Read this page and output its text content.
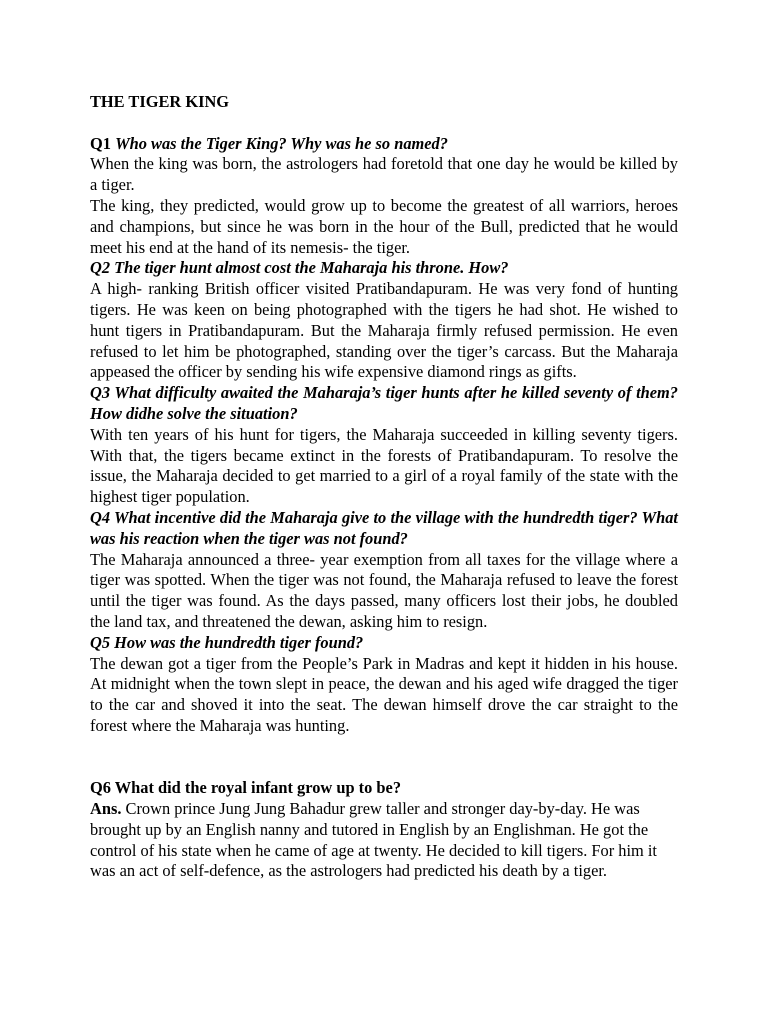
THE TIGER KING
Q1 Who was the Tiger King? Why was he so named?

When the king was born, the astrologers had foretold that one day he would be killed by a tiger.

The king, they predicted, would grow up to become the greatest of all warriors, heroes and champions, but since he was born in the hour of the Bull, predicted that he would meet his end at the hand of its nemesis- the tiger.

Q2 The tiger hunt almost cost the Maharaja his throne. How?

A high- ranking British officer visited Pratibandapuram. He was very fond of hunting tigers. He was keen on being photographed with the tigers he had shot. He wished to hunt tigers in Pratibandapuram. But the Maharaja firmly refused permission. He even refused to let him be photographed, standing over the tiger’s carcass. But the Maharaja appeased the officer by sending his wife expensive diamond rings as gifts.

Q3 What difficulty awaited the Maharaja’s tiger hunts after he killed seventy of them? How didhe solve the situation?

With ten years of his hunt for tigers, the Maharaja succeeded in killing seventy tigers. With that, the tigers became extinct in the forests of Pratibandapuram. To resolve the issue, the Maharaja decided to get married to a girl of a royal family of the state with the highest tiger population.

Q4 What incentive did the Maharaja give to the village with the hundredth tiger? What was his reaction when the tiger was not found?

The Maharaja announced a three- year exemption from all taxes for the village where a tiger was spotted. When the tiger was not found, the Maharaja refused to leave the forest until the tiger was found. As the days passed, many officers lost their jobs, he doubled the land tax, and threatened the dewan, asking him to resign.

Q5 How was the hundredth tiger found?

The dewan got a tiger from the People’s Park in Madras and kept it hidden in his house. At midnight when the town slept in peace, the dewan and his aged wife dragged the tiger to the car and shoved it into the seat. The dewan himself drove the car straight to the forest where the Maharaja was hunting.

Q6 What did the royal infant grow up to be?

Ans. Crown prince Jung Jung Bahadur grew taller and stronger day-by-day. He was brought up by an English nanny and tutored in English by an Englishman. He got the control of his state when he came of age at twenty. He decided to kill tigers. For him it was an act of self-defence, as the astrologers had predicted his death by a tiger.
